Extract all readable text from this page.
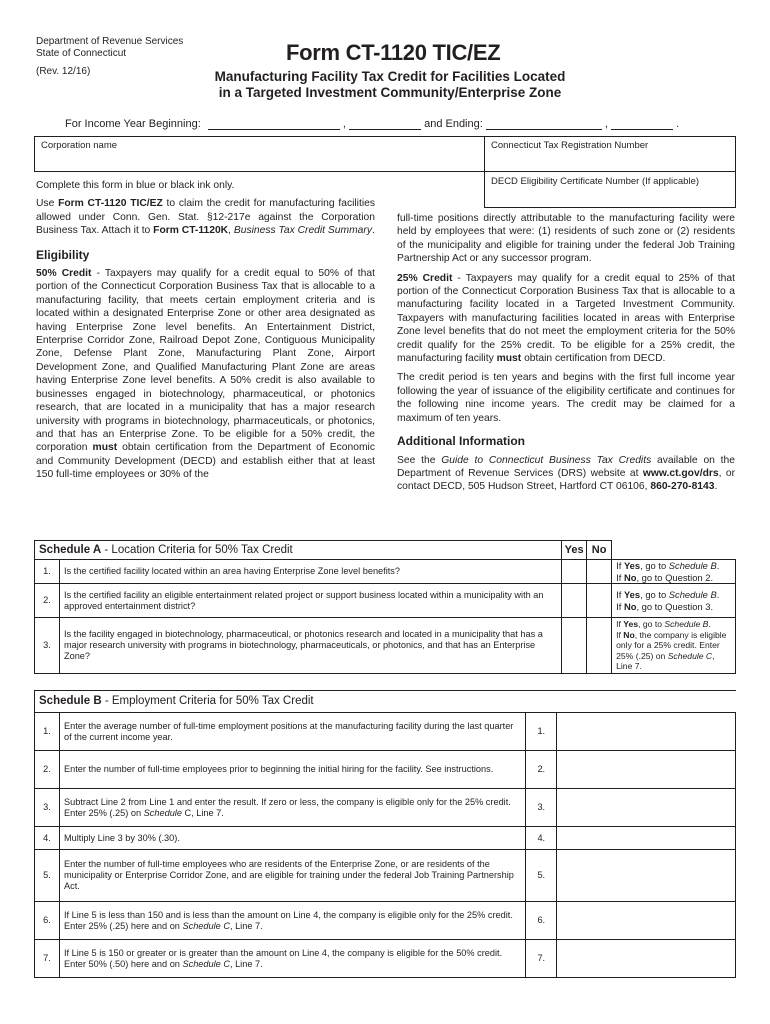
Department of Revenue Services
State of Connecticut
(Rev. 12/16)
Form CT-1120 TIC/EZ
Manufacturing Facility Tax Credit for Facilities Located
in a Targeted Investment Community/Enterprise Zone
For Income Year Beginning:	,	and Ending:	,	.
Corporation name	Connecticut Tax Registration Number
DECD Eligibility Certificate Number (If applicable)

Complete this form in blue or black ink only.

Use Form CT-1120 TIC/EZ to claim the credit for manufacturing facilities allowed under Conn. Gen. Stat. §12-217e against the Corporation Business Tax. Attach it to Form CT-1120K, Business Tax Credit Summary.

Eligibility

50% Credit - Taxpayers may qualify for a credit equal to 50% of that portion of the Connecticut Corporation Business Tax that is allocable to a manufacturing facility, that meets certain employment criteria and is located within a designated Enterprise Zone or other area designated as having Enterprise Zone level benefits. An Entertainment District, Enterprise Corridor Zone, Railroad Depot Zone, Contiguous Municipality Zone, Defense Plant Zone, Manufacturing Plant Zone, Airport Development Zone, and Qualified Manufacturing Plant Zone are areas having Enterprise Zone level benefits. A 50% credit is also available to businesses engaged in biotechnology, pharmaceutical, or photonics research, that are located in a municipality that has a major research university with programs in biotechnology, pharmaceuticals, or photonics, and that has an Enterprise Zone. To be eligible for a 50% credit, the corporation must obtain certification from the Department of Economic and Community Development (DECD) and establish either that at least 150 full-time employees or 30% of the

full-time positions directly attributable to the manufacturing facility were held by employees that were: (1) residents of such zone or (2) residents of the municipality and eligible for training under the federal Job Training Partnership Act or any successor program.

25% Credit - Taxpayers may qualify for a credit equal to 25% of that portion of the Connecticut Corporation Business Tax that is allocable to a manufacturing facility located in a Targeted Investment Community. Taxpayers with manufacturing facilities located in areas with Enterprise Zone level benefits that do not meet the employment criteria for the 50% credit qualify for the 25% credit. To be eligible for a 25% credit, the manufacturing facility must obtain certification from DECD.

The credit period is ten years and begins with the first full income year following the year of issuance of the eligibility certificate and continues for the following nine income years. The credit may be claimed for a maximum of ten years.

Additional Information

See the Guide to Connecticut Business Tax Credits available on the Department of Revenue Services (DRS) website at www.ct.gov/drs, or contact DECD, 505 Hudson Street, Hartford CT 06106, 860-270-8143.

Schedule A - Location Criteria for 50% Tax Credit		Yes	No	
1.	Is the certified facility located within an area having Enterprise Zone level benefits?			If Yes, go to Schedule B.
If No, go to Question 2.

2.	Is the certified facility an eligible entertainment related project or support business located within a municipality with an approved entertainment district?			If Yes, go to Schedule B.
If No, go to Question 3.

3.	Is the facility engaged in biotechnology, pharmaceutical, or photonics research and located in a municipality that has a major research university with programs in biotechnology, pharmaceuticals, or photonics, and that has an Enterprise Zone?			If Yes, go to Schedule B.
If No, the company is eligible only for a 25% credit. Enter 25% (.25) on Schedule C, Line 7.
Schedule B - Employment Criteria for 50% Tax Credit			
1.	Enter the average number of full-time employment positions at the manufacturing facility during the last quarter of the current income year.	1.	
2.	Enter the number of full-time employees prior to beginning the initial hiring for the facility. See instructions.	2.	
3.	Subtract Line 2 from Line 1 and enter the result. If zero or less, the company is eligible only for the 25% credit. Enter 25% (.25) on Schedule C, Line 7.	3.	
4.	Multiply Line 3 by 30% (.30).	4.	
5.	Enter the number of full-time employees who are residents of the Enterprise Zone, or are residents of the municipality or Enterprise Corridor Zone, and are eligible for training under the federal Job Training Partnership Act.	5.	
6.	If Line 5 is less than 150 and is less than the amount on Line 4, the company is eligible only for the 25% credit. Enter 25% (.25) here and on Schedule C, Line 7.	6.	
7.	If Line 5 is 150 or greater or is greater than the amount on Line 4, the company is eligible for the 50% credit. Enter 50% (.50) here and on Schedule C, Line 7.	7.	
